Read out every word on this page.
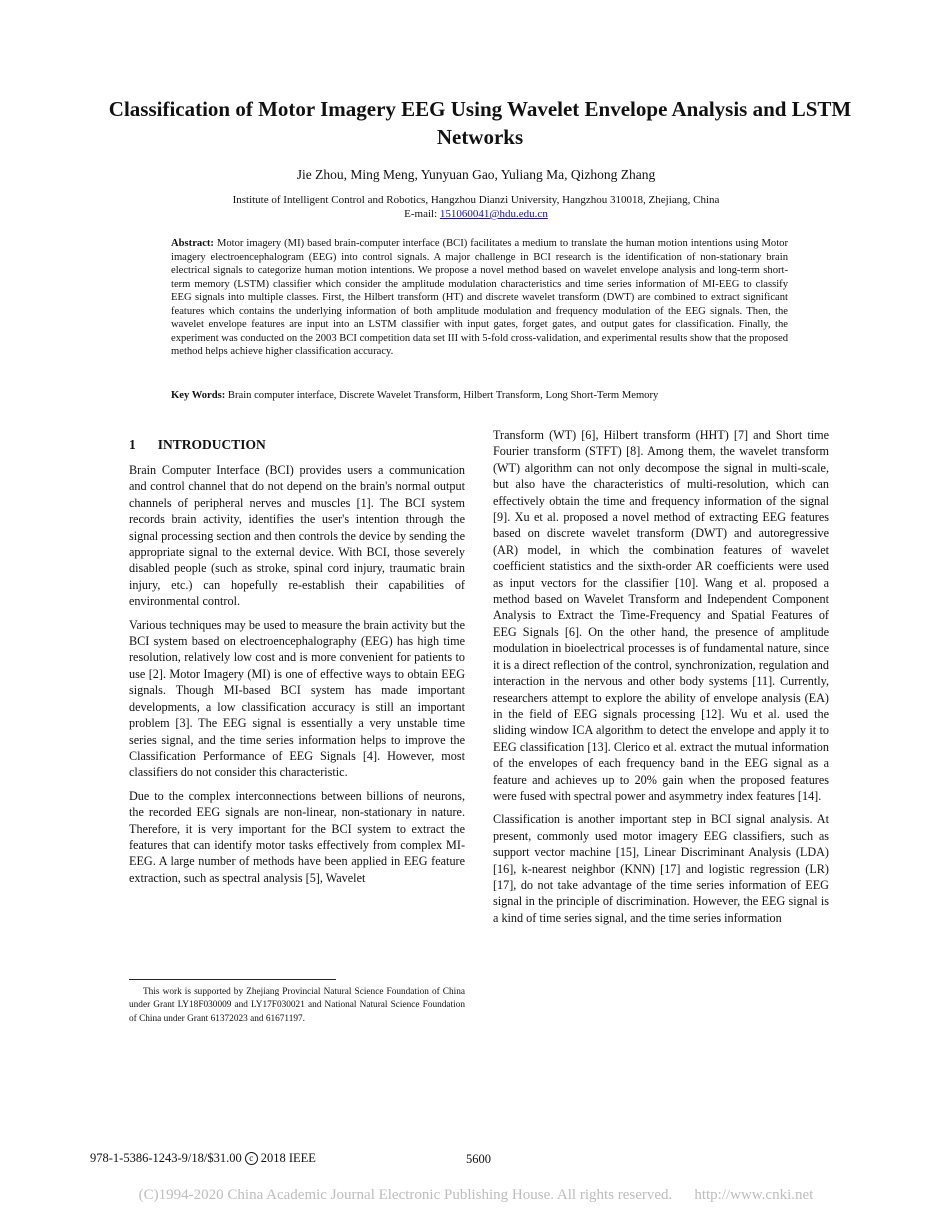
Classification of Motor Imagery EEG Using Wavelet Envelope Analysis and LSTM Networks
Jie Zhou, Ming Meng, Yunyuan Gao, Yuliang Ma, Qizhong Zhang
Institute of Intelligent Control and Robotics, Hangzhou Dianzi University, Hangzhou 310018, Zhejiang, China
E-mail: 151060041@hdu.edu.cn

Abstract: Motor imagery (MI) based brain-computer interface (BCI) facilitates a medium to translate the human motion intentions using Motor imagery electroencephalogram (EEG) into control signals. A major challenge in BCI research is the identification of non-stationary brain electrical signals to categorize human motion intentions. We propose a novel method based on wavelet envelope analysis and long-term short-term memory (LSTM) classifier which consider the amplitude modulation characteristics and time series information of MI-EEG to classify EEG signals into multiple classes. First, the Hilbert transform (HT) and discrete wavelet transform (DWT) are combined to extract significant features which contains the underlying information of both amplitude modulation and frequency modulation of the EEG signals. Then, the wavelet envelope features are input into an LSTM classifier with input gates, forget gates, and output gates for classification. Finally, the experiment was conducted on the 2003 BCI competition data set III with 5-fold cross-validation, and experimental results show that the proposed method helps achieve higher classification accuracy.

Key Words: Brain computer interface, Discrete Wavelet Transform, Hilbert Transform, Long Short-Term Memory

1 INTRODUCTION

Brain Computer Interface (BCI) provides users a communication and control channel that do not depend on the brain's normal output channels of peripheral nerves and muscles [1]. The BCI system records brain activity, identifies the user's intention through the signal processing section and then controls the device by sending the appropriate signal to the external device. With BCI, those severely disabled people (such as stroke, spinal cord injury, traumatic brain injury, etc.) can hopefully re-establish their capabilities of environmental control.

Various techniques may be used to measure the brain activity but the BCI system based on electroencephalography (EEG) has high time resolution, relatively low cost and is more convenient for patients to use [2]. Motor Imagery (MI) is one of effective ways to obtain EEG signals. Though MI-based BCI system has made important developments, a low classification accuracy is still an important problem [3]. The EEG signal is essentially a very unstable time series signal, and the time series information helps to improve the Classification Performance of EEG Signals [4]. However, most classifiers do not consider this characteristic.

Due to the complex interconnections between billions of neurons, the recorded EEG signals are non-linear, non-stationary in nature. Therefore, it is very important for the BCI system to extract the features that can identify motor tasks effectively from complex MI-EEG. A large number of methods have been applied in EEG feature extraction, such as spectral analysis [5], Wavelet

Transform (WT) [6], Hilbert transform (HHT) [7] and Short time Fourier transform (STFT) [8]. Among them, the wavelet transform (WT) algorithm can not only decompose the signal in multi-scale, but also have the characteristics of multi-resolution, which can effectively obtain the time and frequency information of the signal [9]. Xu et al. proposed a novel method of extracting EEG features based on discrete wavelet transform (DWT) and autoregressive (AR) model, in which the combination features of wavelet coefficient statistics and the sixth-order AR coefficients were used as input vectors for the classifier [10]. Wang et al. proposed a method based on Wavelet Transform and Independent Component Analysis to Extract the Time-Frequency and Spatial Features of EEG Signals [6]. On the other hand, the presence of amplitude modulation in bioelectrical processes is of fundamental nature, since it is a direct reflection of the control, synchronization, regulation and interaction in the nervous and other body systems [11]. Currently, researchers attempt to explore the ability of envelope analysis (EA) in the field of EEG signals processing [12]. Wu et al. used the sliding window ICA algorithm to detect the envelope and apply it to EEG classification [13]. Clerico et al. extract the mutual information of the envelopes of each frequency band in the EEG signal as a feature and achieves up to 20% gain when the proposed features were fused with spectral power and asymmetry index features [14].

Classification is another important step in BCI signal analysis. At present, commonly used motor imagery EEG classifiers, such as support vector machine [15], Linear Discriminant Analysis (LDA) [16], k-nearest neighbor (KNN) [17] and logistic regression (LR) [17], do not take advantage of the time series information of EEG signal in the principle of discrimination. However, the EEG signal is a kind of time series signal, and the time series information

This work is supported by Zhejiang Provincial Natural Science Foundation of China under Grant LY18F030009 and LY17F030021 and National Natural Science Foundation of China under Grant 61372023 and 61671197.

978-1-5386-1243-9/18/$31.00 c 2018 IEEE	5600
(C)1994-2020 China Academic Journal Electronic Publishing House. All rights reserved. http://www.cnki.net
